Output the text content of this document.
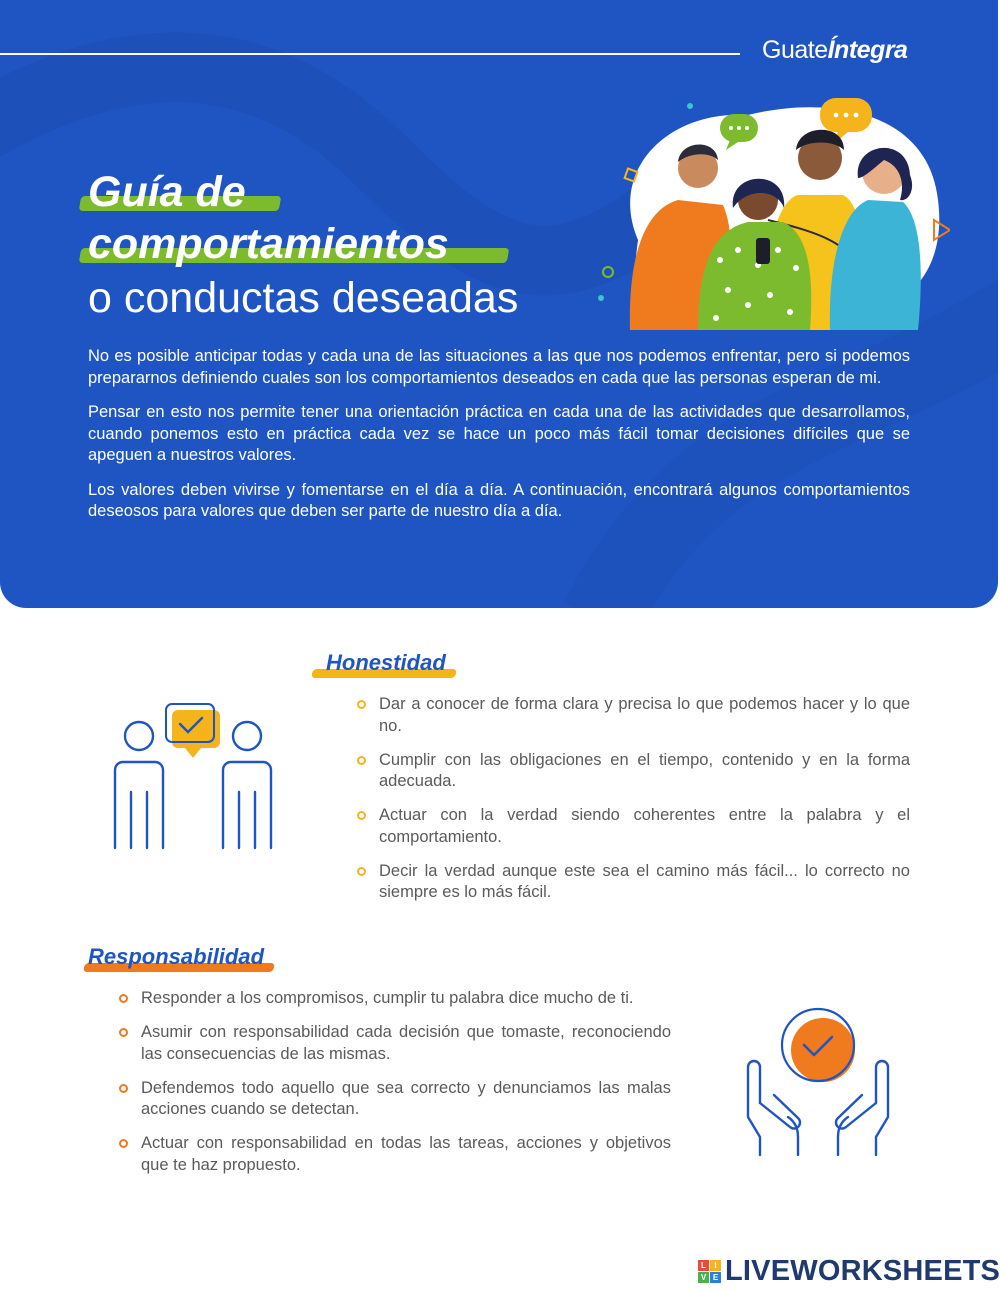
GuateÍntegra
Guía de
comportamientos
o conductas deseadas

No es posible anticipar todas y cada una de las situaciones a las que nos podemos enfrentar, pero si podemos prepararnos definiendo cuales son los comportamientos deseados en cada que las personas esperan de mi.

Pensar en esto nos permite tener una orientación práctica en cada una de las actividades que desarrollamos, cuando ponemos esto en práctica cada vez se hace un poco más fácil tomar decisiones difíciles que se apeguen a nuestros valores.

Los valores deben vivirse y fomentarse en el día a día. A continuación, encontrará algunos comportamientos deseosos para valores que deben ser parte de nuestro día a día.

Honestidad
Dar a conocer de forma clara y precisa lo que podemos hacer y lo que no.
Cumplir con las obligaciones en el tiempo, contenido y en la forma adecuada.
Actuar con la verdad siendo coherentes entre la palabra y el comportamiento.
Decir la verdad aunque este sea el camino más fácil... lo correcto no siempre es lo más fácil.
Responsabilidad
Responder a los compromisos, cumplir tu palabra dice mucho de ti.
Asumir con responsabilidad cada decisión que tomaste, reconociendo las consecuencias de las mismas.
Defendemos todo aquello que sea correcto y denunciamos las malas acciones cuando se detectan.
Actuar con responsabilidad en todas las tareas, acciones y objetivos que te haz propuesto.
L	I
V E LIVEWORKSHEETS
